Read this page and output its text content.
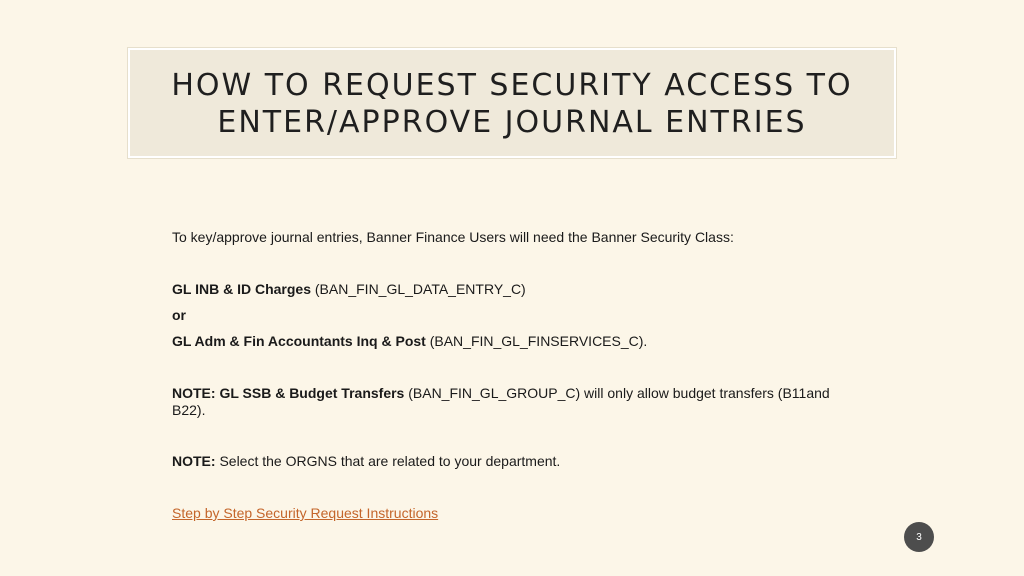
HOW TO REQUEST SECURITY ACCESS TO
ENTER/APPROVE JOURNAL ENTRIES

To key/approve journal entries, Banner Finance Users will need the Banner Security Class:

GL INB & ID Charges (BAN_FIN_GL_DATA_ENTRY_C)

or

GL Adm & Fin Accountants Inq & Post (BAN_FIN_GL_FINSERVICES_C).

NOTE: GL SSB & Budget Transfers (BAN_FIN_GL_GROUP_C) will only allow budget transfers (B11and B22).

NOTE: Select the ORGNS that are related to your department.

Step by Step Security Request Instructions

3
